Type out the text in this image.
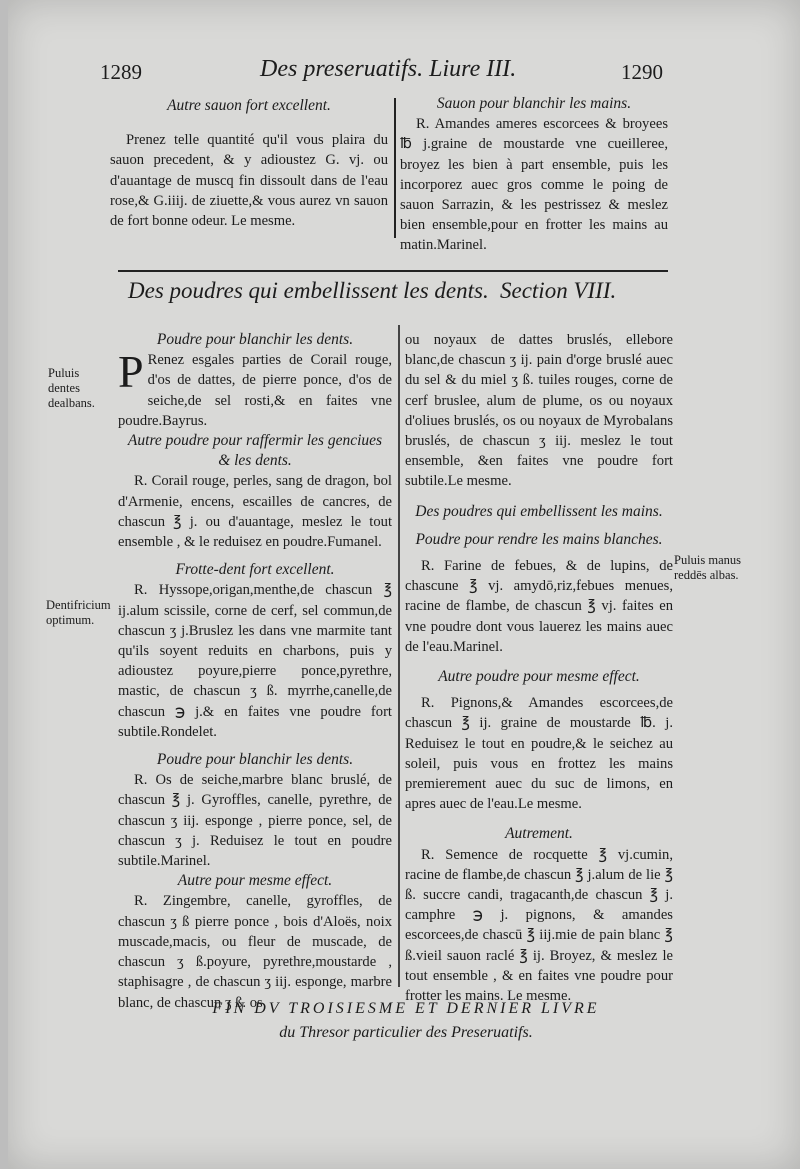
1289	Des preseruatifs. Liure III.	1290

Autre sauon fort excellent.

Prenez telle quantité qu'il vous plaira du sauon precedent, & y adioustez G. vj. ou d'auantage de muscq fin dissoult dans de l'eau rose,& G.iiij. de ziuette,& vous aurez vn sauon de fort bonne odeur. Le mesme.

Sauon pour blanchir les mains.

R. Amandes ameres escorcees & broyees ℔ j.graine de moustarde vne cueilleree, broyez les bien à part ensemble, puis les incorporez auec gros comme le poing de sauon Sarrazin, & les pestrissez & meslez bien ensemble,pour en frotter les mains au matin.Marinel.

Des poudres qui embellissent les dents. Section VIII.
Puluis dentes dealbans.
Dentifricium optimum.
Puluis manus reddēs albas.

Poudre pour blanchir les dents.

P Renez esgales parties de Corail rouge, d'os de dattes, de pierre ponce, d'os de seiche,de sel rosti,& en faites vne poudre.Bayrus.

Autre poudre pour raffermir les genciues

& les dents.

R. Corail rouge, perles, sang de dragon, bol d'Armenie, encens, escailles de cancres, de chascun ℥ j. ou d'auantage, meslez le tout ensemble , & le reduisez en poudre.Fumanel.

Frotte-dent fort excellent.

R. Hyssope,origan,menthe,de chascun ℥ ij.alum scissile, corne de cerf, sel commun,de chascun ʒ j.Bruslez les dans vne marmite tant qu'ils soyent reduits en charbons, puis y adioustez poyure,pierre ponce,pyrethre, mastic, de chascun ʒ ß. myrrhe,canelle,de chascun ℈ j.& en faites vne poudre fort subtile.Rondelet.

Poudre pour blanchir les dents.

R. Os de seiche,marbre blanc bruslé, de chascun ℥ j. Gyroffles, canelle, pyrethre, de chascun ʒ iij. esponge , pierre ponce, sel, de chascun ʒ j. Reduisez le tout en poudre subtile.Marinel.

Autre pour mesme effect.

R. Zingembre, canelle, gyroffles, de chascun ʒ ß pierre ponce , bois d'Aloës, noix muscade,macis, ou fleur de muscade, de chascun ʒ ß.poyure, pyrethre,moustarde , staphisagre , de chascun ʒ iij. esponge, marbre blanc, de chascun ʒ ß. os

ou noyaux de dattes bruslés, ellebore blanc,de chascun ʒ ij. pain d'orge bruslé auec du sel & du miel ʒ ß. tuiles rouges, corne de cerf bruslee, alum de plume, os ou noyaux d'oliues bruslés, os ou noyaux de Myrobalans bruslés, de chascun ʒ iij. meslez le tout ensemble, &en faites vne poudre fort subtile.Le mesme.

Des poudres qui embellissent les mains.

Poudre pour rendre les mains blanches.

R. Farine de febues, & de lupins, de chascune ℥ vj. amydō,riz,febues menues, racine de flambe, de chascun ℥ vj. faites en vne poudre dont vous lauerez les mains auec de l'eau.Marinel.

Autre poudre pour mesme effect.

R. Pignons,& Amandes escorcees,de chascun ℥ ij. graine de moustarde ℔. j. Reduisez le tout en poudre,& le seichez au soleil, puis vous en frottez les mains premierement auec du suc de limons, en apres auec de l'eau.Le mesme.

Autrement.

R. Semence de rocquette ℥ vj.cumin, racine de flambe,de chascun ℥ j.alum de lie ℥ ß. succre candi, tragacanth,de chascun ℥ j. camphre ℈ j. pignons, & amandes escorcees,de chascū ℥ iij.mie de pain blanc ℥ ß.vieil sauon raclé ℥ ij. Broyez, & meslez le tout ensemble , & en faites vne poudre pour frotter les mains. Le mesme.

FIN DV TROISIESME ET DERNIER LIVRE
du Thresor particulier des Preseruatifs.
